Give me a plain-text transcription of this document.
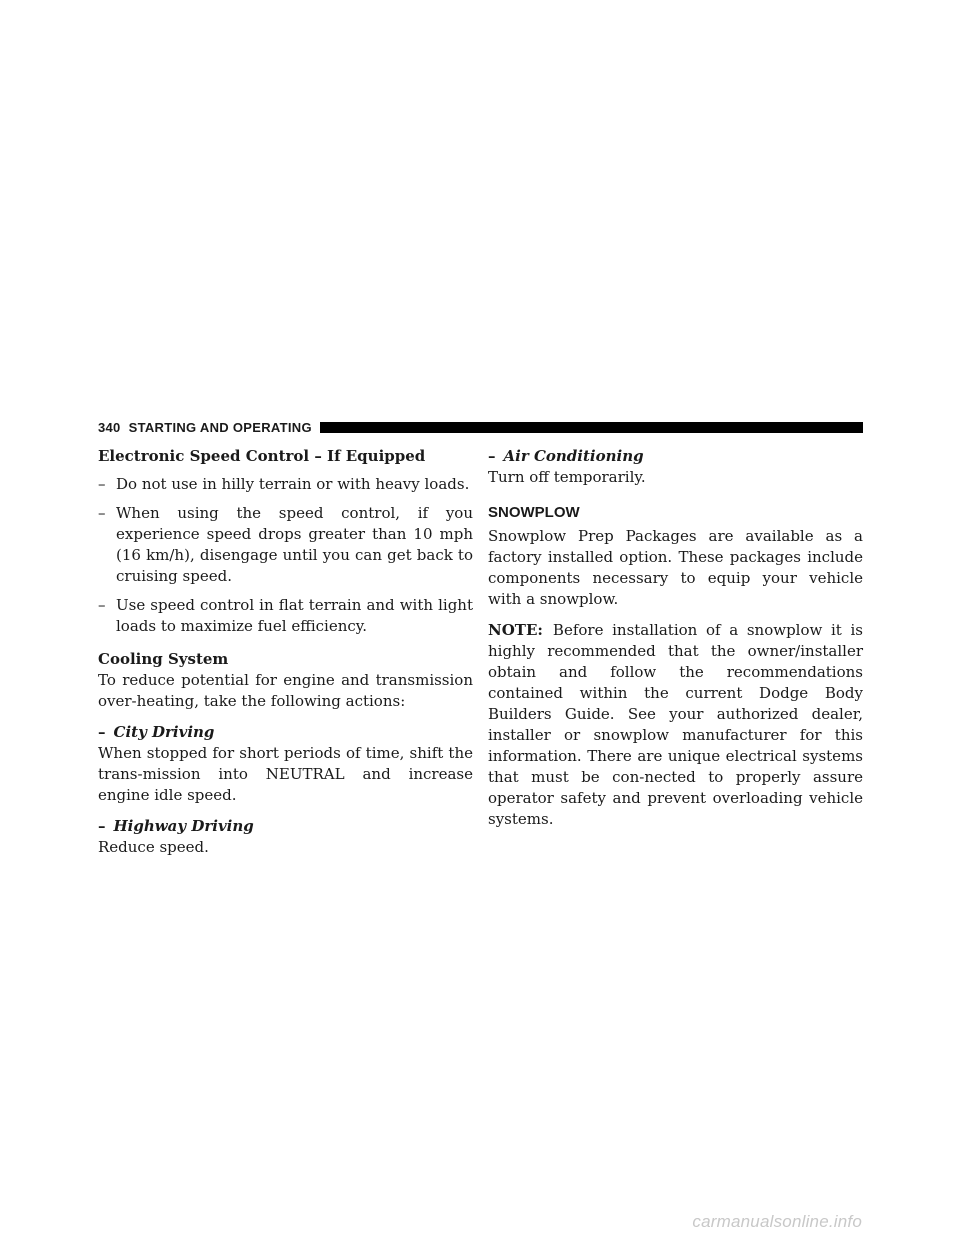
340 STARTING AND OPERATING

Electronic Speed Control – If Equipped

– Do not use in hilly terrain or with heavy loads.

– When using the speed control, if you experience speed drops greater than 10 mph (16 km/h), disengage until you can get back to cruising speed.

– Use speed control in flat terrain and with light loads to maximize fuel efficiency.

Cooling System

To reduce potential for engine and transmission over-heating, take the following actions:

– City Driving

When stopped for short periods of time, shift the trans-mission into NEUTRAL and increase engine idle speed.

– Highway Driving

Reduce speed.

– Air Conditioning

Turn off temporarily.

SNOWPLOW

Snowplow Prep Packages are available as a factory installed option. These packages include components necessary to equip your vehicle with a snowplow.

NOTE: Before installation of a snowplow it is highly recommended that the owner/installer obtain and follow the recommendations contained within the current Dodge Body Builders Guide. See your authorized dealer, installer or snowplow manufacturer for this information. There are unique electrical systems that must be con-nected to properly assure operator safety and prevent overloading vehicle systems.

carmanualsonline.info
